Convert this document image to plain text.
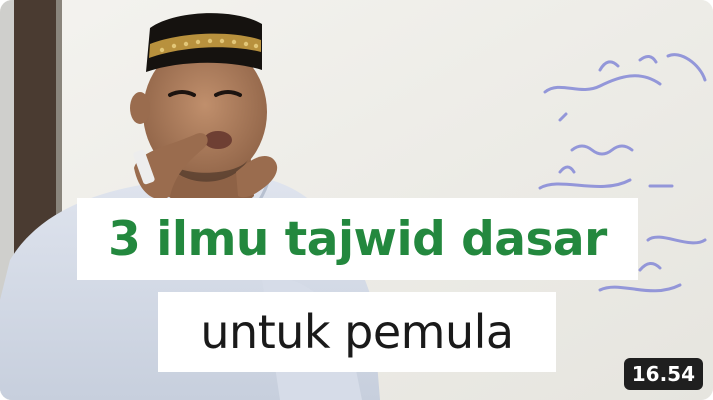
3 ilmu tajwid dasar
untuk pemula
16.54
